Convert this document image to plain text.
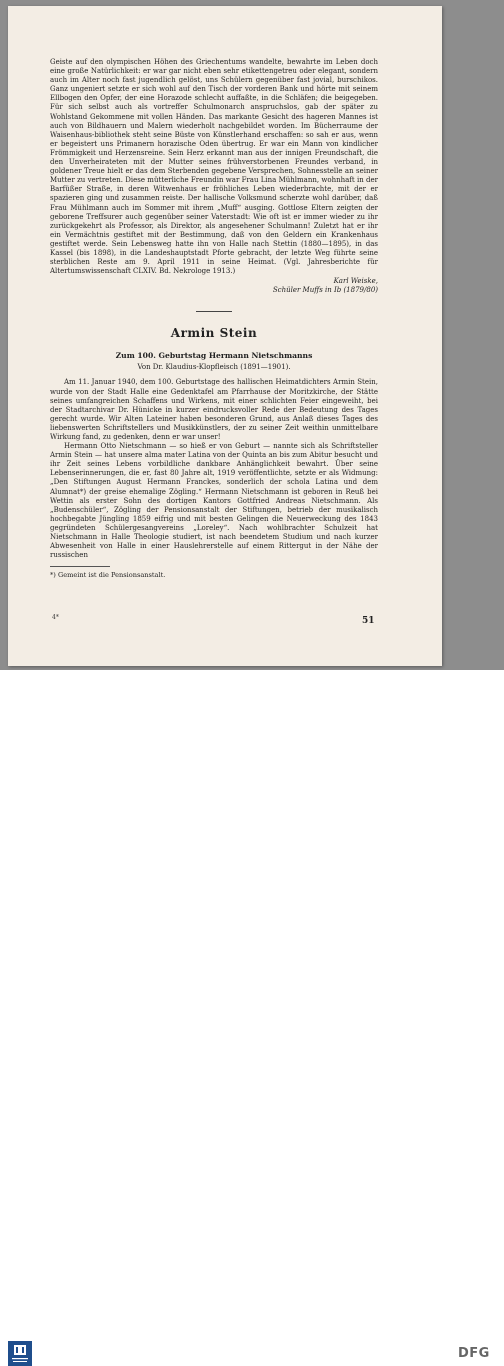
Geiste auf den olympischen Höhen des Griechentums wandelte, bewahrte im Leben doch eine große Natürlichkeit: er war gar nicht eben sehr etikettengetreu oder elegant, sondern auch im Alter noch fast jugendlich gelöst, uns Schülern gegenüber fast jovial, burschikos. Ganz ungeniert setzte er sich wohl auf den Tisch der vorderen Bank und hörte mit seinem Ellbogen den Opfer, der eine Horazode schlecht auffaßte, in die Schläfen; die beigegeben. Für sich selbst auch als vortreffer Schulmonarch anspruchslos, gab der später zu Wohlstand Gekommene mit vollen Händen. Das markante Gesicht des hageren Mannes ist auch von Bildhauern und Malern wiederholt nachgebildet worden. Im Bücherraume der Waisenhaus-bibliothek steht seine Büste von Künstlerhand erschaffen: so sah er aus, wenn er begeistert uns Primanern horazische Oden übertrug. Er war ein Mann von kindlicher Frömmigkeit und Herzensreine. Sein Herz erkannt man aus der innigen Freundschaft, die den Unverheirateten mit der Mutter seines frühverstorbenen Freundes verband, in goldener Treue hielt er das dem Sterbenden gegebene Versprechen, Sohnesstelle an seiner Mutter zu vertreten. Diese mütterliche Freundin war Frau Lina Mühlmann, wohnhaft in der Barfüßer Straße, in deren Witwenhaus er fröhliches Leben wiederbrachte, mit der er spazieren ging und zusammen reiste. Der hallische Volksmund scherzte wohl darüber, daß Frau Mühlmann auch im Sommer mit ihrem „Muff“ ausging. Gottlose Eltern zeigten der geborene Treffsurer auch gegenüber seiner Vaterstadt: Wie oft ist er immer wieder zu ihr zurückgekehrt als Professor, als Direktor, als angesehener Schulmann! Zuletzt hat er ihr ein Vermächtnis gestiftet mit der Bestimmung, daß von den Geldern ein Krankenhaus gestiftet werde. Sein Lebensweg hatte ihn von Halle nach Stettin (1880—1895), in das Kassel (bis 1898), in die Landeshauptstadt Pforte gebracht, der letzte Weg führte seine sterblichen Reste am 9. April 1911 in seine Heimat. (Vgl. Jahresberichte für Altertumswissenschaft CLXIV. Bd. Nekrologe 1913.)

Karl Weiske,

Schüler Muffs in Ib (1879/80)

Armin Stein

Zum 100. Geburtstag Hermann Nietschmanns

Von Dr. Klaudius-Klopfleisch (1891—1901).

Am 11. Januar 1940, dem 100. Geburtstage des hallischen Heimatdichters Armin Stein, wurde von der Stadt Halle eine Gedenktafel am Pfarrhause der Moritzkirche, der Stätte seines umfangreichen Schaffens und Wirkens, mit einer schlichten Feier eingeweiht, bei der Stadtarchivar Dr. Hünicke in kurzer eindrucksvoller Rede der Bedeutung des Tages gerecht wurde. Wir Alten Lateiner haben besonderen Grund, aus Anlaß dieses Tages des liebenswerten Schriftstellers und Musikkünstlers, der zu seiner Zeit weithin unmittelbare Wirkung fand, zu gedenken, denn er war unser!

Hermann Otto Nietschmann — so hieß er von Geburt — nannte sich als Schriftsteller Armin Stein — hat unsere alma mater Latina von der Quinta an bis zum Abitur besucht und ihr Zeit seines Lebens vorbildliche dankbare Anhänglichkeit bewahrt. Über seine Lebenserinnerungen, die er, fast 80 Jahre alt, 1919 veröffentlichte, setzte er als Widmung: „Den Stiftungen August Hermann Franckes, sonderlich der schola Latina und dem Alumnat*) der greise ehemalige Zögling.“ Hermann Nietschmann ist geboren in Reuß bei Wettin als erster Sohn des dortigen Kantors Gottfried Andreas Nietschmann. Als „Budenschüler“, Zögling der Pensionsanstalt der Stiftungen, betrieb der musikalisch hochbegabte Jüngling 1859 eifrig und mit besten Gelingen die Neuerweckung des 1843 gegründeten Schülergesangvereins „Loreley“. Nach wohlbrachter Schulzeit hat Nietschmann in Halle Theologie studiert, ist nach beendetem Studium und nach kurzer Abwesenheit von Halle in einer Hauslehrerstelle auf einem Rittergut in der Nähe der russischen

*) Gemeint ist die Pensionsanstalt.

4*	51
DFG
